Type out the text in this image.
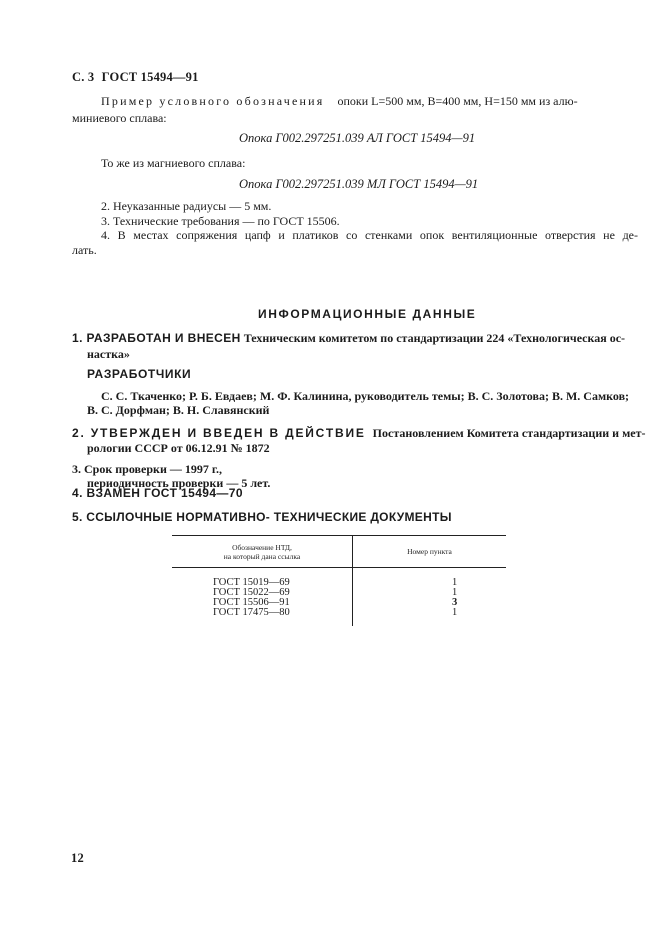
С. 3 ГОСТ 15494—91
Пример условного обозначения опоки L=500 мм, B=400 мм, H=150 мм из алю-
миниевого сплава:
Опока Г002.297251.039 АЛ ГОСТ 15494—91
То же из магниевого сплава:
Опока Г002.297251.039 МЛ ГОСТ 15494—91
2. Неуказанные радиусы — 5 мм.
3. Технические требования — по ГОСТ 15506.
4. В местах сопряжения цапф и платиков со стенками опок вентиляционные отверстия не де-
лать.
ИНФОРМАЦИОННЫЕ ДАННЫЕ
1. РАЗРАБОТАН И ВНЕСЕН Техническим комитетом по стандартизации 224 «Технологическая ос-
настка»
РАЗРАБОТЧИКИ
С. С. Ткаченко; Р. Б. Евдаев; М. Ф. Калинина, руководитель темы; В. С. Золотова; В. М. Самков;
В. С. Дорфман; В. Н. Славянский
2. УТВЕРЖДЕН И ВВЕДЕН В ДЕЙСТВИЕ Постановлением Комитета стандартизации и мет-
рологии СССР от 06.12.91 № 1872
3. Срок проверки — 1997 г.,
периодичность проверки — 5 лет.
4. ВЗАМЕН ГОСТ 15494—70
5. ССЫЛОЧНЫЕ НОРМАТИВНО- ТЕХНИЧЕСКИЕ ДОКУМЕНТЫ
Обозначение НТД,
на который дана ссылка
Номер пункта
ГОСТ 15019—69
ГОСТ 15022—69
ГОСТ 15506—91
ГОСТ 17475—80
1
1
3
1
12
